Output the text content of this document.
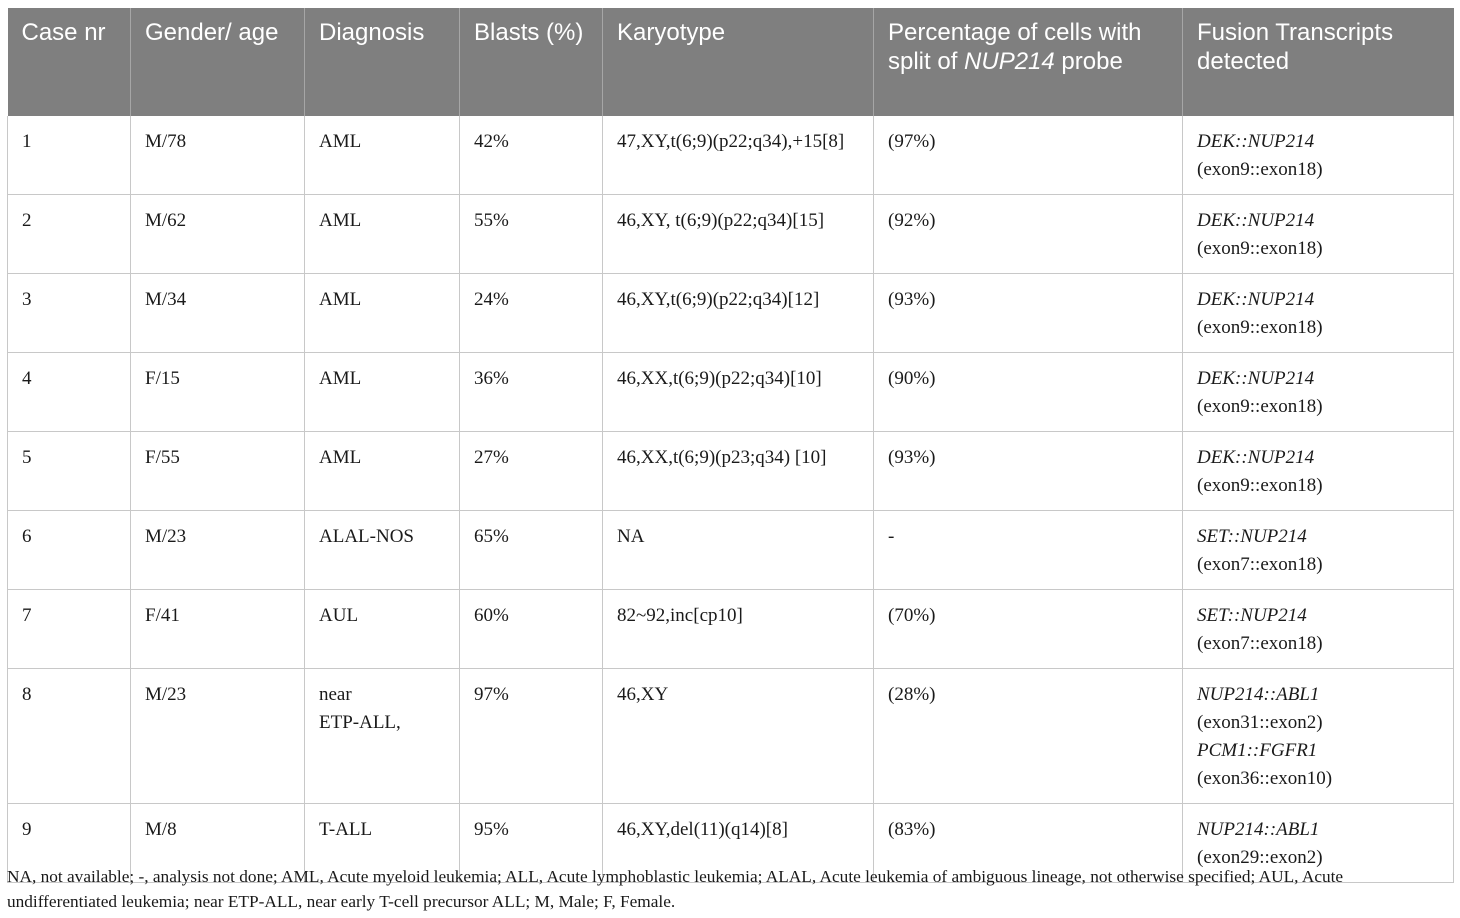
Case nr	Gender/ age	Diagnosis	Blasts (%)	Karyotype	Percentage of cells with split of NUP214 probe	Fusion Transcripts detected
1	M/78	AML	42%	47,XY,t(6;9)(p22;q34),+15[8]	(97%)	DEK::NUP214
(exon9::exon18)

2	M/62	AML	55%	46,XY, t(6;9)(p22;q34)[15]	(92%)	DEK::NUP214
(exon9::exon18)

3	M/34	AML	24%	46,XY,t(6;9)(p22;q34)[12]	(93%)	DEK::NUP214
(exon9::exon18)

4	F/15	AML	36%	46,XX,t(6;9)(p22;q34)[10]	(90%)	DEK::NUP214
(exon9::exon18)

5	F/55	AML	27%	46,XX,t(6;9)(p23;q34) [10]	(93%)	DEK::NUP214
(exon9::exon18)

6	M/23	ALAL-NOS	65%	NA	-	SET::NUP214
(exon7::exon18)

7	F/41	AUL	60%	82~92,inc[cp10]	(70%)	SET::NUP214
(exon7::exon18)

8	M/23	near
ETP-ALL,	97%	46,XY	(28%)	NUP214::ABL1
(exon31::exon2)
PCM1::FGFR1
(exon36::exon10)

9	M/8	T-ALL	95%	46,XY,del(11)(q14)[8]	(83%)	NUP214::ABL1
(exon29::exon2)
NA, not available; -, analysis not done; AML, Acute myeloid leukemia; ALL, Acute lymphoblastic leukemia; ALAL, Acute leukemia of ambiguous lineage, not otherwise specified; AUL, Acute undifferentiated leukemia; near ETP-ALL, near early T-cell precursor ALL; M, Male; F, Female.
